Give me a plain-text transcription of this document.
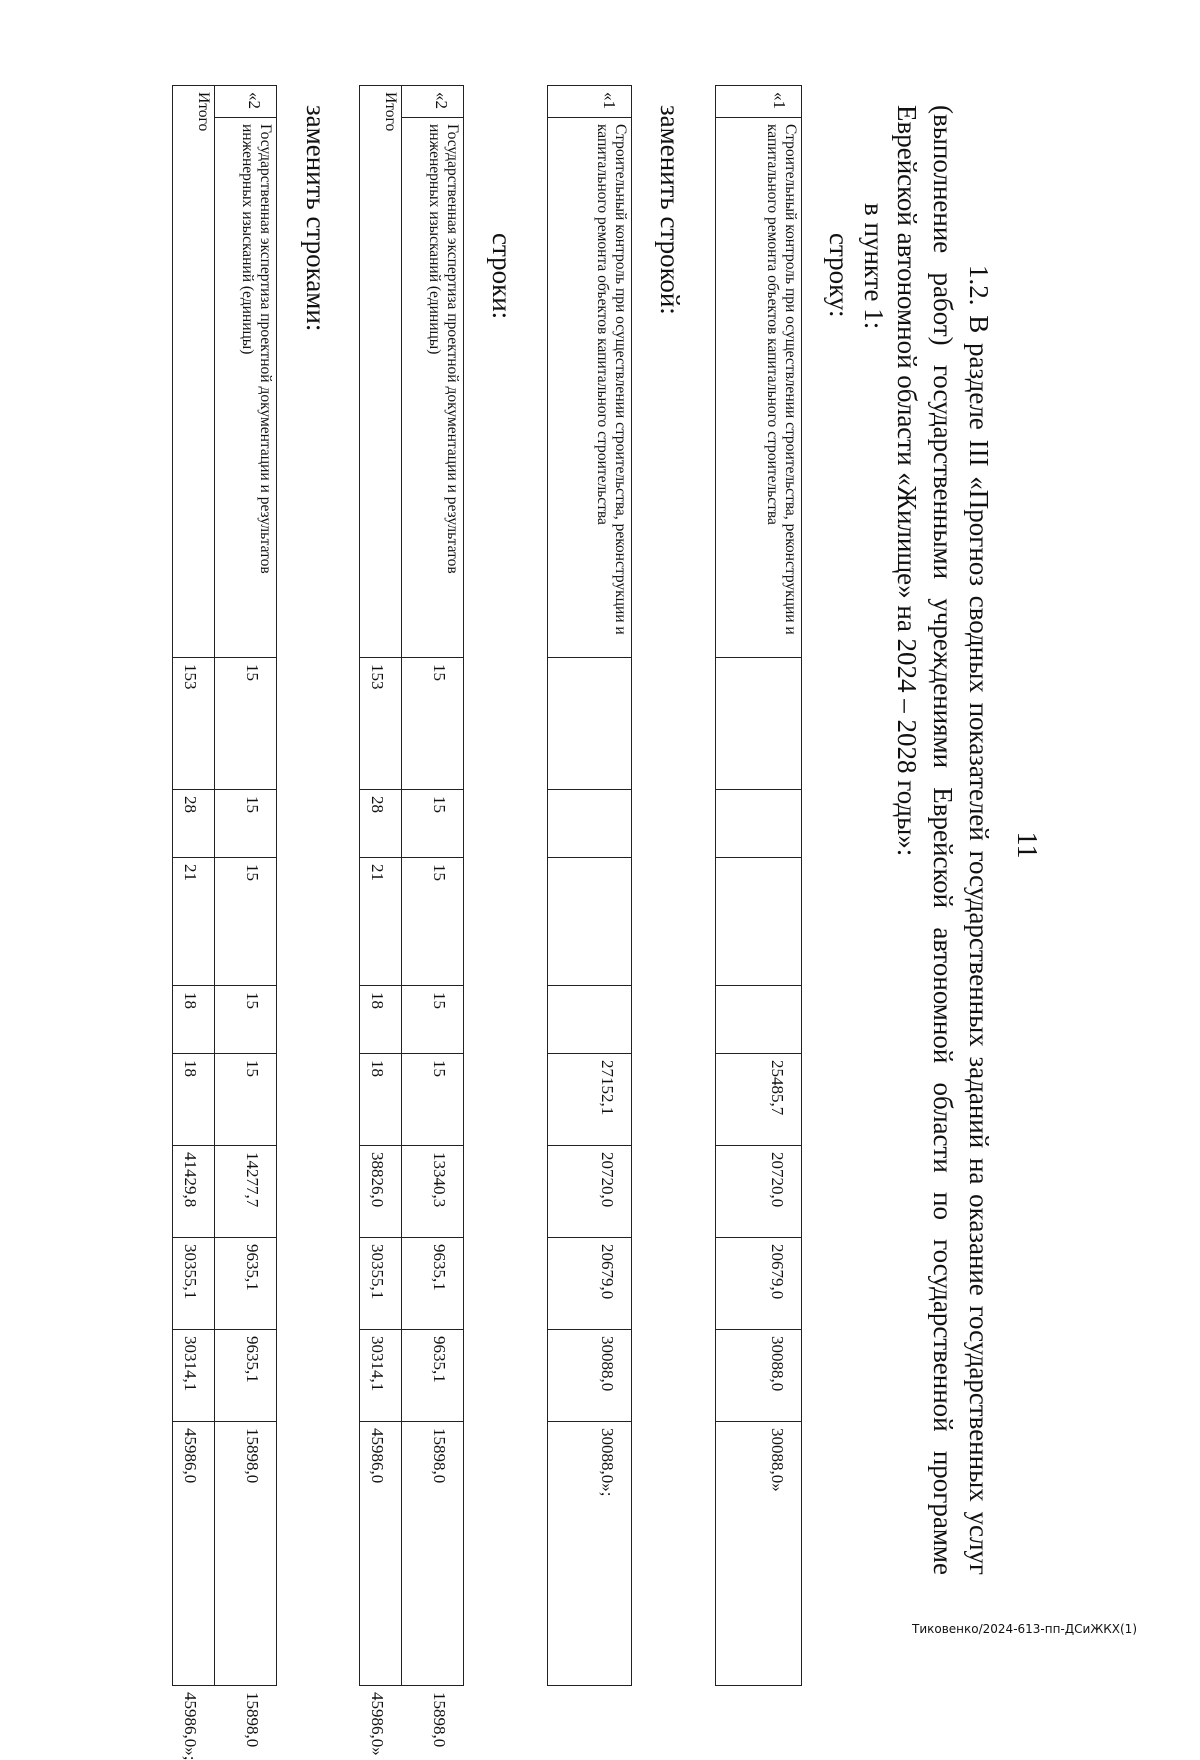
11

1.2. В разделе III «Прогноз сводных показателей государственных заданий на оказание государственных услуг

(выполнение работ) государственными учреждениями Еврейской автономной области по государственной программе

Еврейской автономной области «Жилище» на 2024 – 2028 годы»:

в пункте 1:
строку:
«1	Строительный контроль при осуществлении строительства, реконструкции и капитального ремонта объектов капитального строительства					25485,7	20720,0	20679,0	30088,0	30088,0»
заменить строкой:
«1	Строительный контроль при осуществлении строительства, реконструкции и капитального ремонта объектов капитального строительства					27152,1	20720,0	20679,0	30088,0	30088,0»;
строки:
«2	Государственная экспертиза проектной документации и результатов инженерных изысканий (единицы)	15	15	15	15	15	13340,3	9635,1	9635,1	15898,0	15898,0
Итого		153	28	21	18	18	38826,0	30355,1	30314,1	45986,0	45986,0»
заменить строками:
«2	Государственная экспертиза проектной документации и результатов инженерных изысканий (единицы)	15	15	15	15	15	14277,7	9635,1	9635,1	15898,0	15898,0
Итого		153	28	21	18	18	41429,8	30355,1	30314,1	45986,0	45986,0»;
Тиковенко/2024-613-пп-ДСиЖКХ(1)
